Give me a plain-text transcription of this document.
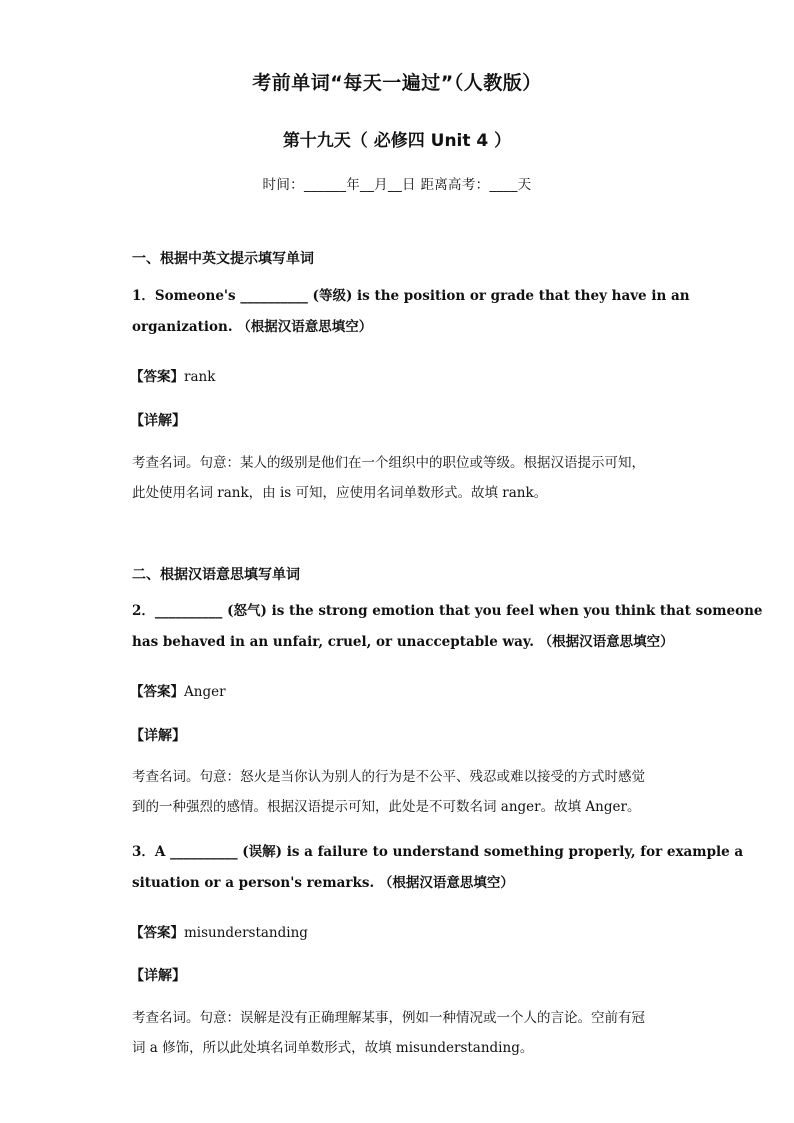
考前单词“每天一遍过”（人教版）
第十九天（ 必修四 Unit 4 ）
时间：______年__月__日 距离高考：____天
一、根据中英文提示填写单词
1．Someone's __________ (等级) is the position or grade that they have in an
organization. （根据汉语意思填空）
【答案】rank
【详解】
考查名词。句意：某人的级别是他们在一个组织中的职位或等级。根据汉语提示可知，
此处使用名词 rank，由 is 可知，应使用名词单数形式。故填 rank。
二、根据汉语意思填写单词
2．__________ (怒气) is the strong emotion that you feel when you think that someone
has behaved in an unfair, cruel, or unacceptable way. （根据汉语意思填空）
【答案】Anger
【详解】
考查名词。句意：怒火是当你认为别人的行为是不公平、残忍或难以接受的方式时感觉
到的一种强烈的感情。根据汉语提示可知，此处是不可数名词 anger。故填 Anger。
3．A __________ (误解) is a failure to understand something properly, for example a
situation or a person's remarks. （根据汉语意思填空）
【答案】misunderstanding
【详解】
考查名词。句意：误解是没有正确理解某事，例如一种情况或一个人的言论。空前有冠
词 a 修饰，所以此处填名词单数形式，故填 misunderstanding。
